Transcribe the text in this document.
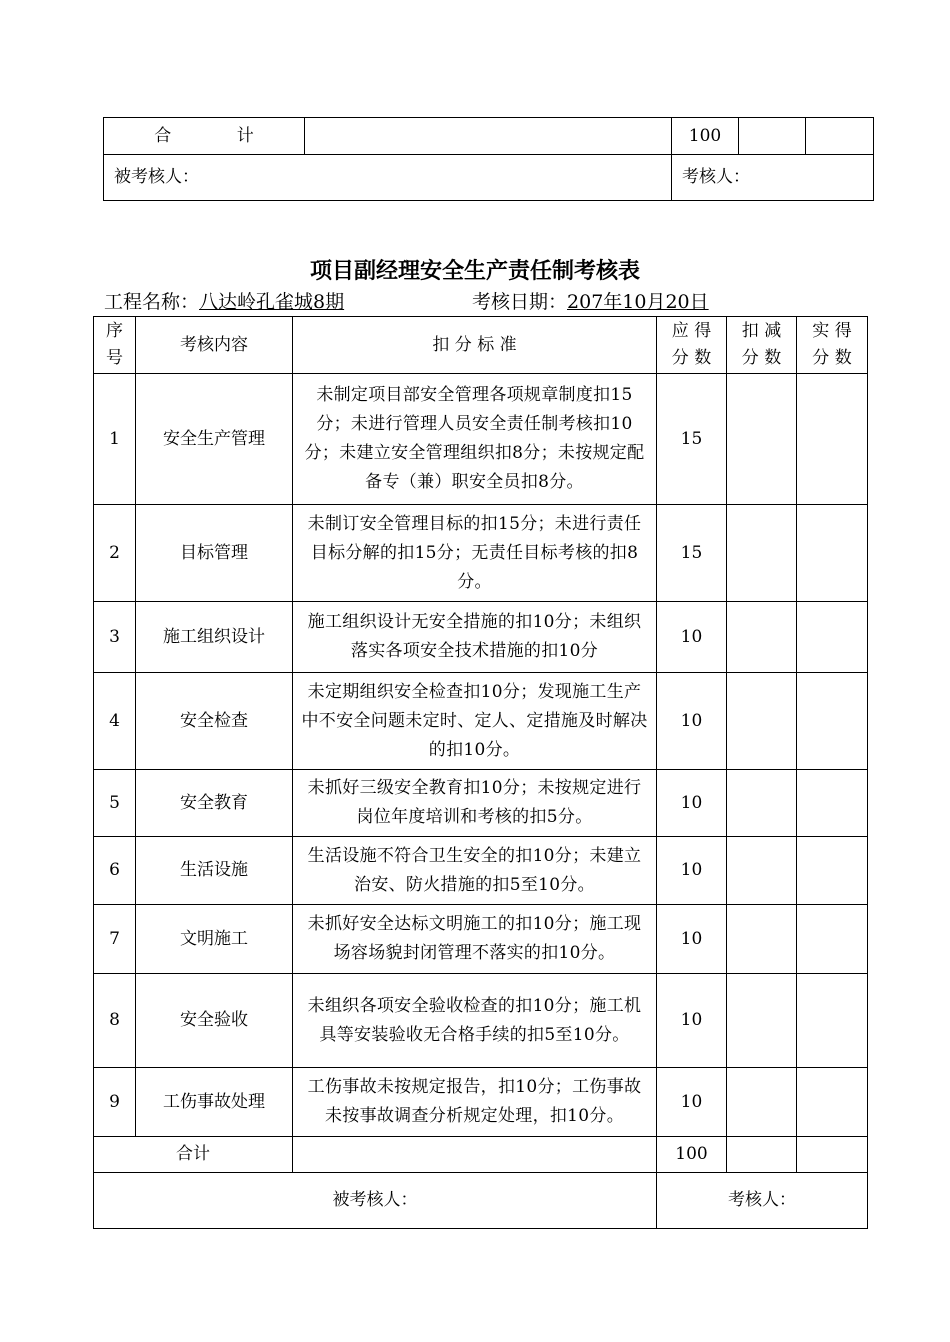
合 计		100		
被考核人：		考核人：		
项目副经理安全生产责任制考核表
工程名称：八达岭孔雀城8期	考核日期：207年10月20日
序号	考核内容	扣 分 标 准	应 得 分 数	扣 减 分 数	实 得 分 数

1	安全生产管理	未制定项目部安全管理各项规章制度扣15分；未进行管理人员安全责任制考核扣10分；未建立安全管理组织扣8分；未按规定配备专（兼）职安全员扣8分。	15		
2	目标管理	未制订安全管理目标的扣15分；未进行责任目标分解的扣15分；无责任目标考核的扣8分。	15		
3	施工组织设计	施工组织设计无安全措施的扣10分；未组织落实各项安全技术措施的扣10分	10		
4	安全检查	未定期组织安全检查扣10分；发现施工生产中不安全问题未定时、定人、定措施及时解决的扣10分。	10		
5	安全教育	未抓好三级安全教育扣10分；未按规定进行岗位年度培训和考核的扣5分。	10		
6	生活设施	生活设施不符合卫生安全的扣10分；未建立治安、防火措施的扣5至10分。	10		
7	文明施工	未抓好安全达标文明施工的扣10分；施工现场容场貌封闭管理不落实的扣10分。	10		
8	安全验收	未组织各项安全验收检查的扣10分；施工机具等安装验收无合格手续的扣5至10分。	10		
9	工伤事故处理	工伤事故未按规定报告，扣10分；工伤事故未按事故调查分析规定处理，扣10分。	10		
合计			100		
被考核人：			考核人：		
